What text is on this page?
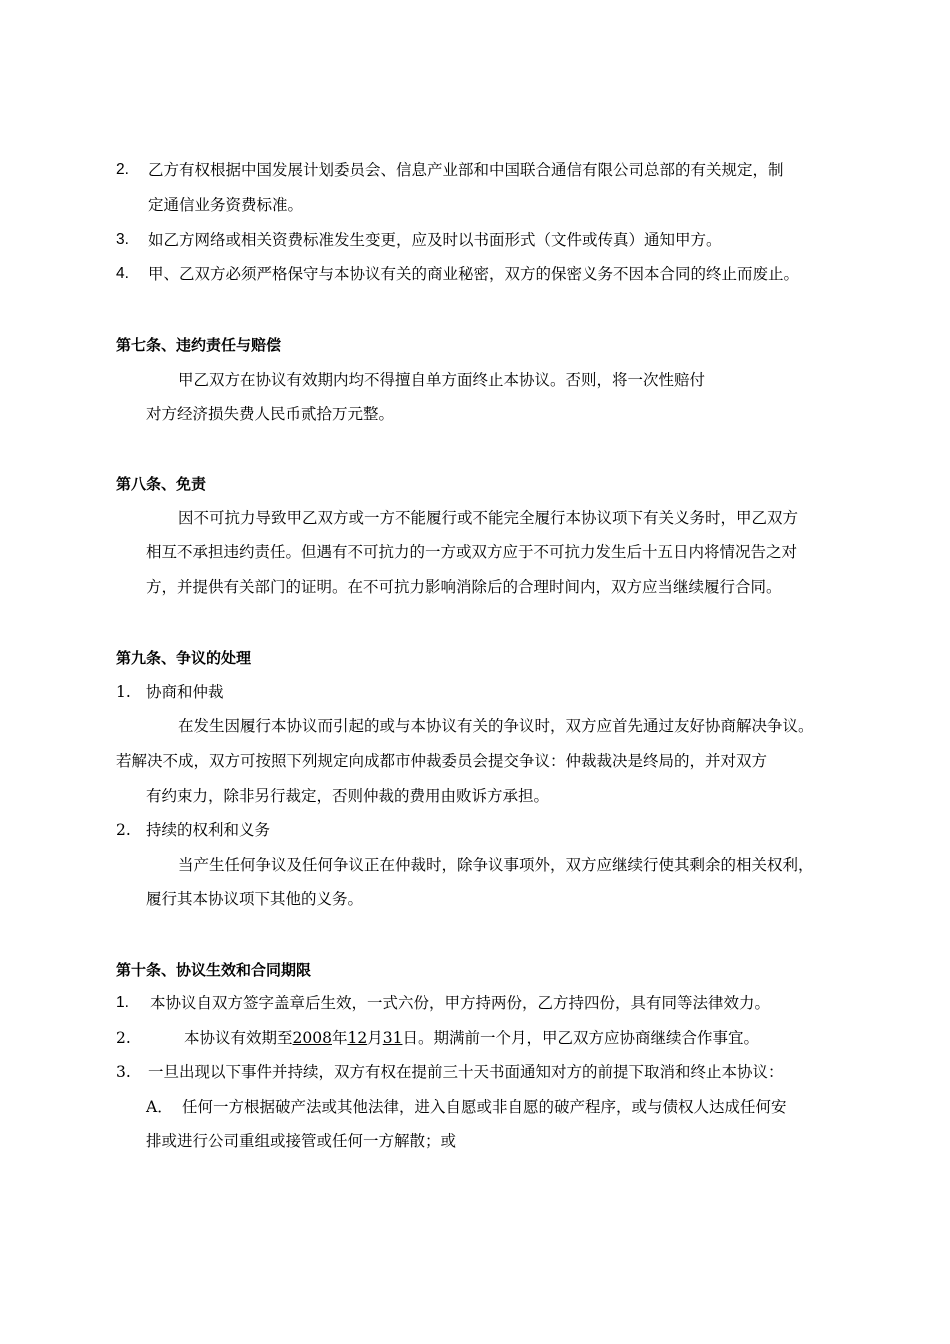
2. 乙方有权根据中国发展计划委员会、信息产业部和中国联合通信有限公司总部的有关规定，制
定通信业务资费标准。
3. 如乙方网络或相关资费标准发生变更，应及时以书面形式（文件或传真）通知甲方。
4. 甲、乙双方必须严格保守与本协议有关的商业秘密，双方的保密义务不因本合同的终止而废止。
第七条、违约责任与赔偿
甲乙双方在协议有效期内均不得擅自单方面终止本协议。否则，将一次性赔付
对方经济损失费人民币贰拾万元整。
第八条、免责
因不可抗力导致甲乙双方或一方不能履行或不能完全履行本协议项下有关义务时，甲乙双方
相互不承担违约责任。但遇有不可抗力的一方或双方应于不可抗力发生后十五日内将情况告之对
方，并提供有关部门的证明。在不可抗力影响消除后的合理时间内，双方应当继续履行合同。
第九条、争议的处理
1. 协商和仲裁
在发生因履行本协议而引起的或与本协议有关的争议时，双方应首先通过友好协商解决争议。
若解决不成，双方可按照下列规定向成都市仲裁委员会提交争议：仲裁裁决是终局的，并对双方
有约束力，除非另行裁定，否则仲裁的费用由败诉方承担。
2. 持续的权利和义务
当产生任何争议及任何争议正在仲裁时，除争议事项外，双方应继续行使其剩余的相关权利，
履行其本协议项下其他的义务。
第十条、协议生效和合同期限
1. 本协议自双方签字盖章后生效，一式六份，甲方持两份，乙方持四份，具有同等法律效力。
2.	本协议有效期至2008年12月31日。期满前一个月，甲乙双方应协商继续合作事宜。
3. 一旦出现以下事件并持续，双方有权在提前三十天书面通知对方的前提下取消和终止本协议：
A． 任何一方根据破产法或其他法律，进入自愿或非自愿的破产程序，或与债权人达成任何安
排或进行公司重组或接管或任何一方解散；或
